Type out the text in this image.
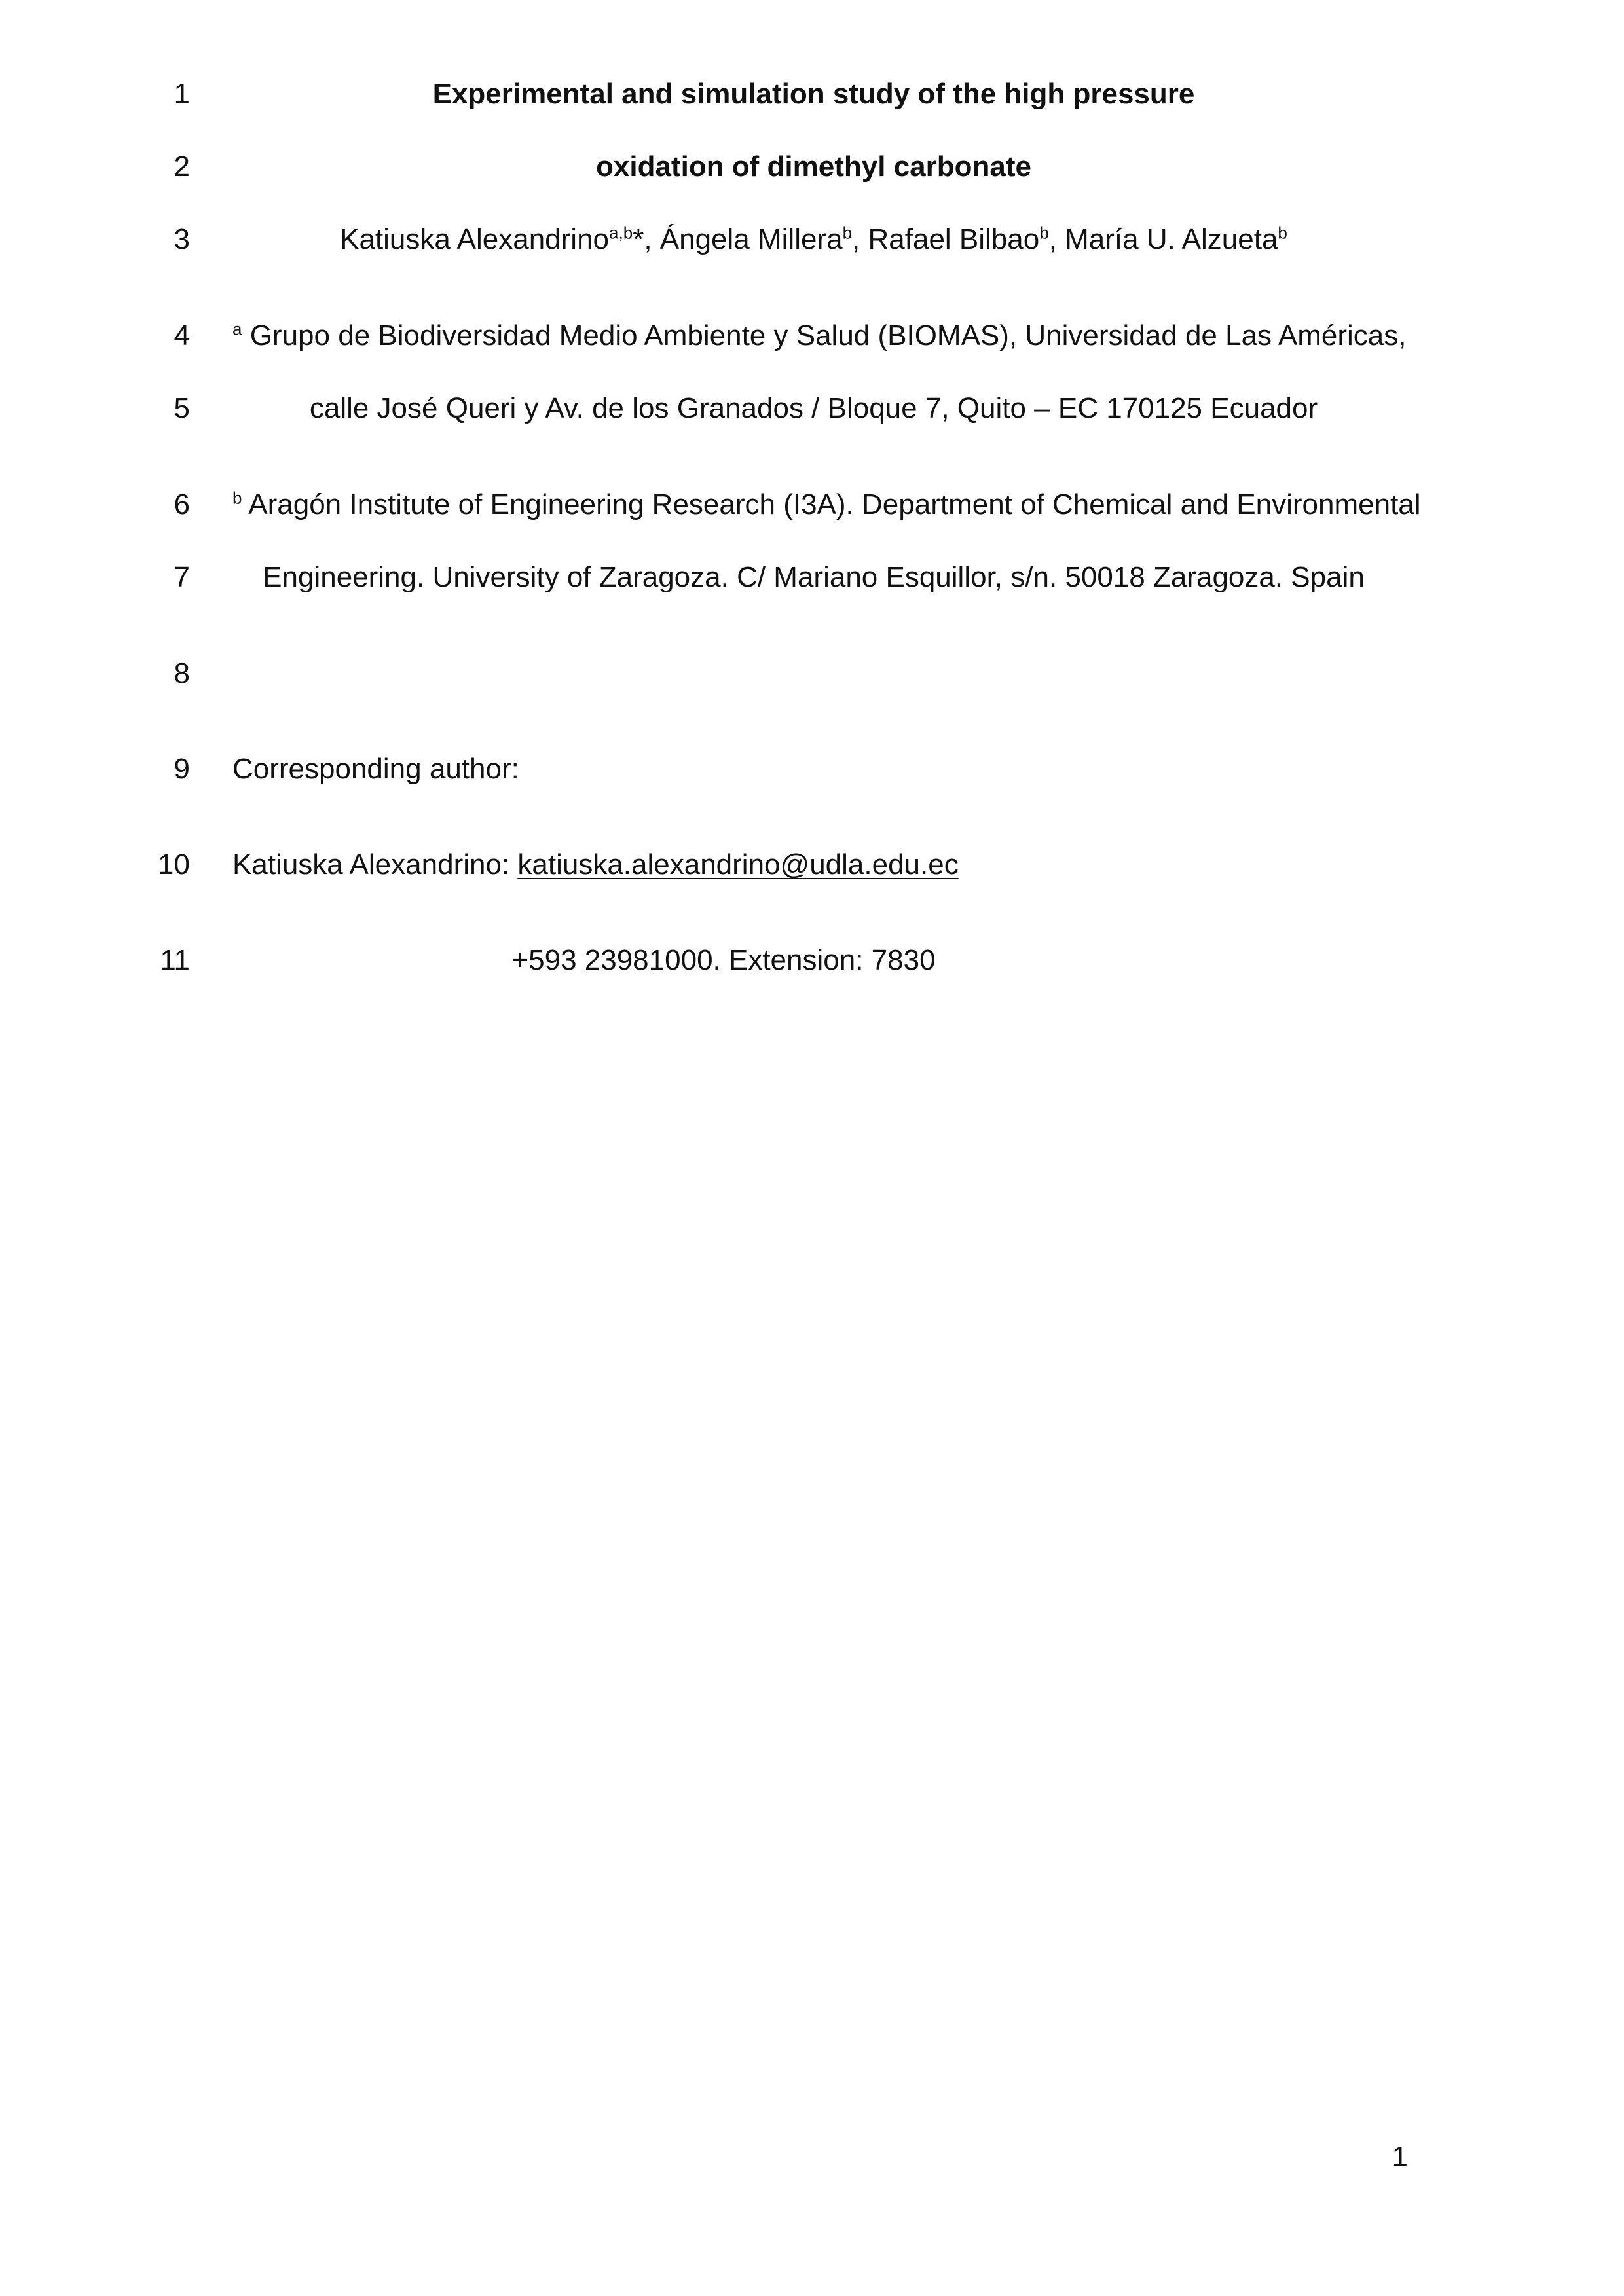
1	Experimental and simulation study of the high pressure
2	oxidation of dimethyl carbonate
3	Katiuska Alexandrino$^{a,b}$*, Ángela Millera$^b$, Rafael Bilbao$^b$, María U. Alzueta$^b$
4	$^a$ Grupo de Biodiversidad Medio Ambiente y Salud (BIOMAS), Universidad de Las Américas,
5	calle José Queri y Av. de los Granados / Bloque 7, Quito – EC 170125 Ecuador
6	$^b$ Aragón Institute of Engineering Research (I3A). Department of Chemical and Environmental
7	Engineering. University of Zaragoza. C/ Mariano Esquillor, s/n. 50018 Zaragoza. Spain
8
9 Corresponding author:
10 Katiuska Alexandrino: katiuska.alexandrino@udla.edu.ec
11	+593 23981000. Extension: 7830
1
